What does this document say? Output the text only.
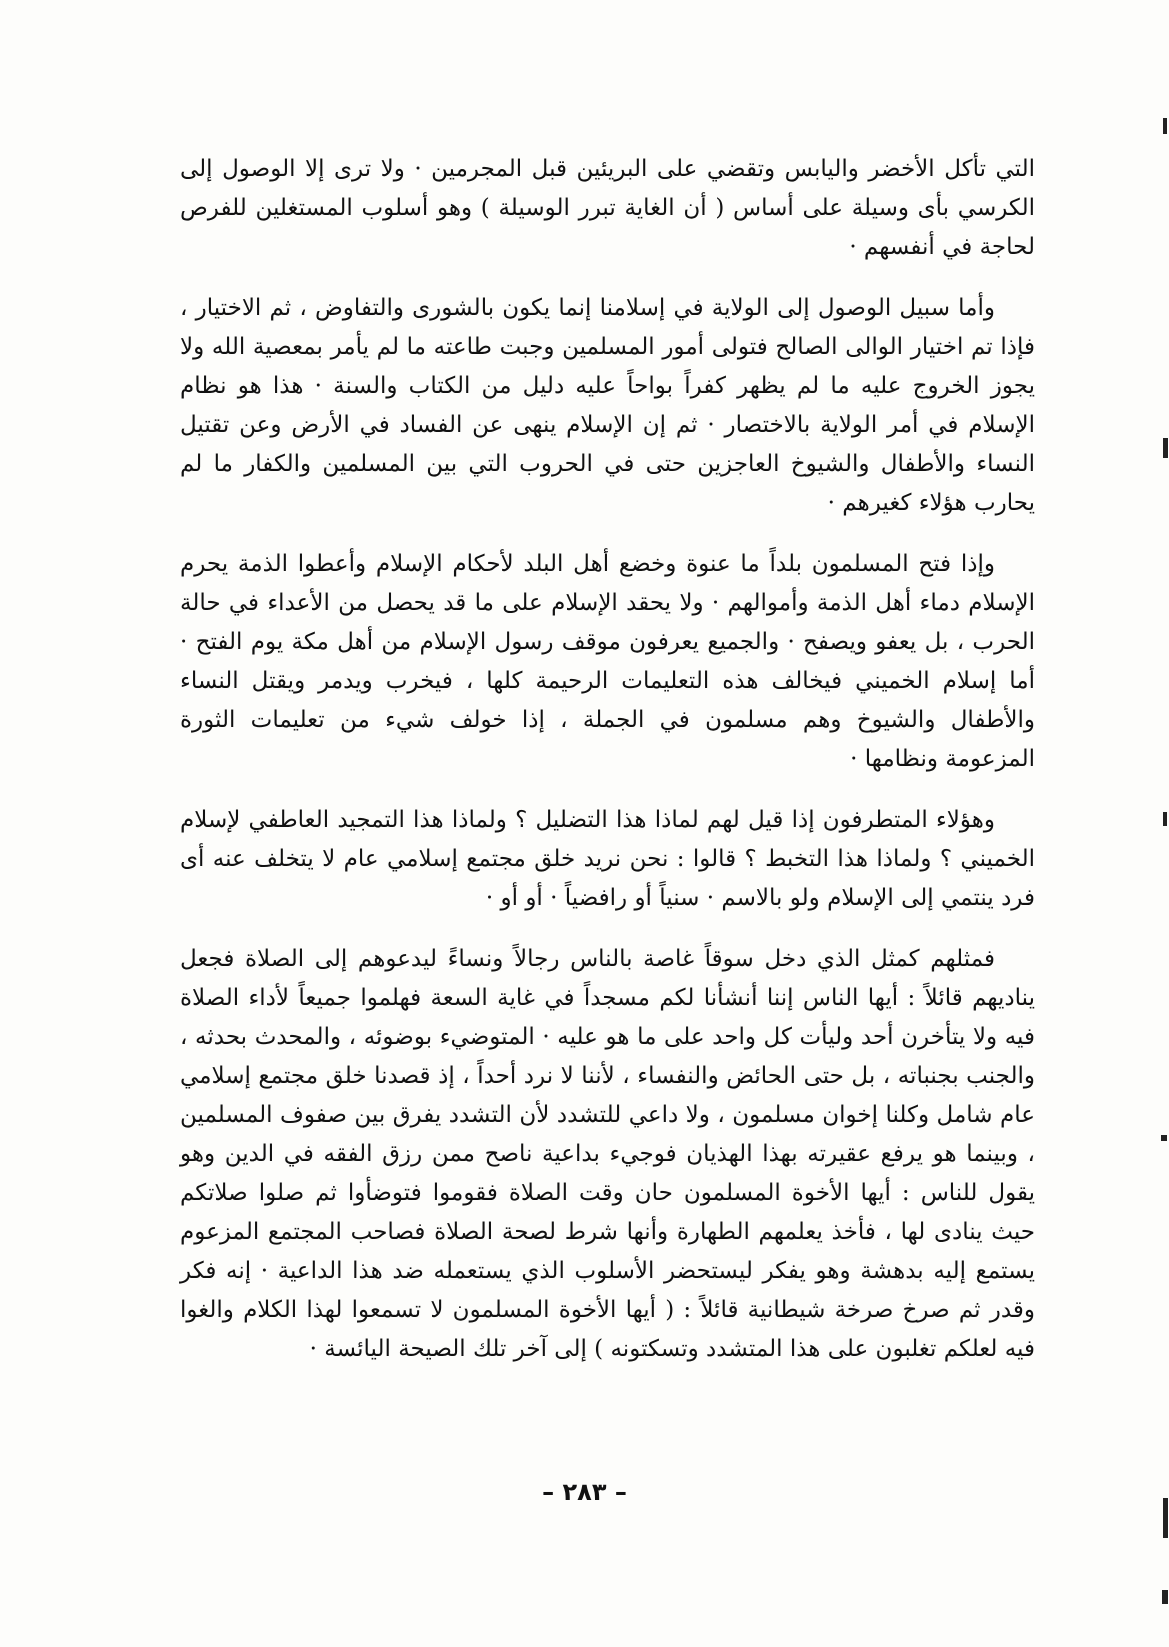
التي تأكل الأخضر واليابس وتقضي على البريئين قبل المجرمين · ولا ترى إلا الوصول إلى الكرسي بأى وسيلة على أساس ( أن الغاية تبرر الوسيلة ) وهو أسلوب المستغلين للفرص لحاجة في أنفسهم ·

وأما سبيل الوصول إلى الولاية في إسلامنا إنما يكون بالشورى والتفاوض ، ثم الاختيار ، فإذا تم اختيار الوالى الصالح فتولى أمور المسلمين وجبت طاعته ما لم يأمر بمعصية الله ولا يجوز الخروج عليه ما لم يظهر كفراً بواحاً عليه دليل من الكتاب والسنة · هذا هو نظام الإسلام في أمر الولاية بالاختصار · ثم إن الإسلام ينهى عن الفساد في الأرض وعن تقتيل النساء والأطفال والشيوخ العاجزين حتى في الحروب التي بين المسلمين والكفار ما لم يحارب هؤلاء كغيرهم ·

وإذا فتح المسلمون بلداً ما عنوة وخضع أهل البلد لأحكام الإسلام وأعطوا الذمة يحرم الإسلام دماء أهل الذمة وأموالهم · ولا يحقد الإسلام على ما قد يحصل من الأعداء في حالة الحرب ، بل يعفو ويصفح · والجميع يعرفون موقف رسول الإسلام من أهل مكة يوم الفتح · أما إسلام الخميني فيخالف هذه التعليمات الرحيمة كلها ، فيخرب ويدمر ويقتل النساء والأطفال والشيوخ وهم مسلمون في الجملة ، إذا خولف شيء من تعليمات الثورة المزعومة ونظامها ·

وهؤلاء المتطرفون إذا قيل لهم لماذا هذا التضليل ؟ ولماذا هذا التمجيد العاطفي لإسلام الخميني ؟ ولماذا هذا التخبط ؟ قالوا : نحن نريد خلق مجتمع إسلامي عام لا يتخلف عنه أى فرد ينتمي إلى الإسلام ولو بالاسم · سنياً أو رافضياً · أو أو ·

فمثلهم كمثل الذي دخل سوقاً غاصة بالناس رجالاً ونساءً ليدعوهم إلى الصلاة فجعل يناديهم قائلاً : أيها الناس إننا أنشأنا لكم مسجداً في غاية السعة فهلموا جميعاً لأداء الصلاة فيه ولا يتأخرن أحد وليأت كل واحد على ما هو عليه · المتوضيء بوضوئه ، والمحدث بحدثه ، والجنب بجنباته ، بل حتى الحائض والنفساء ، لأننا لا نرد أحداً ، إذ قصدنا خلق مجتمع إسلامي عام شامل وكلنا إخوان مسلمون ، ولا داعي للتشدد لأن التشدد يفرق بين صفوف المسلمين ، وبينما هو يرفع عقيرته بهذا الهذيان فوجيء بداعية ناصح ممن رزق الفقه في الدين وهو يقول للناس : أيها الأخوة المسلمون حان وقت الصلاة فقوموا فتوضأوا ثم صلوا صلاتكم حيث ينادى لها ، فأخذ يعلمهم الطهارة وأنها شرط لصحة الصلاة فصاحب المجتمع المزعوم يستمع إليه بدهشة وهو يفكر ليستحضر الأسلوب الذي يستعمله ضد هذا الداعية · إنه فكر وقدر ثم صرخ صرخة شيطانية قائلاً : ( أيها الأخوة المسلمون لا تسمعوا لهذا الكلام والغوا فيه لعلكم تغلبون على هذا المتشدد وتسكتونه ) إلى آخر تلك الصيحة اليائسة ·

– ٢٨٣ –
